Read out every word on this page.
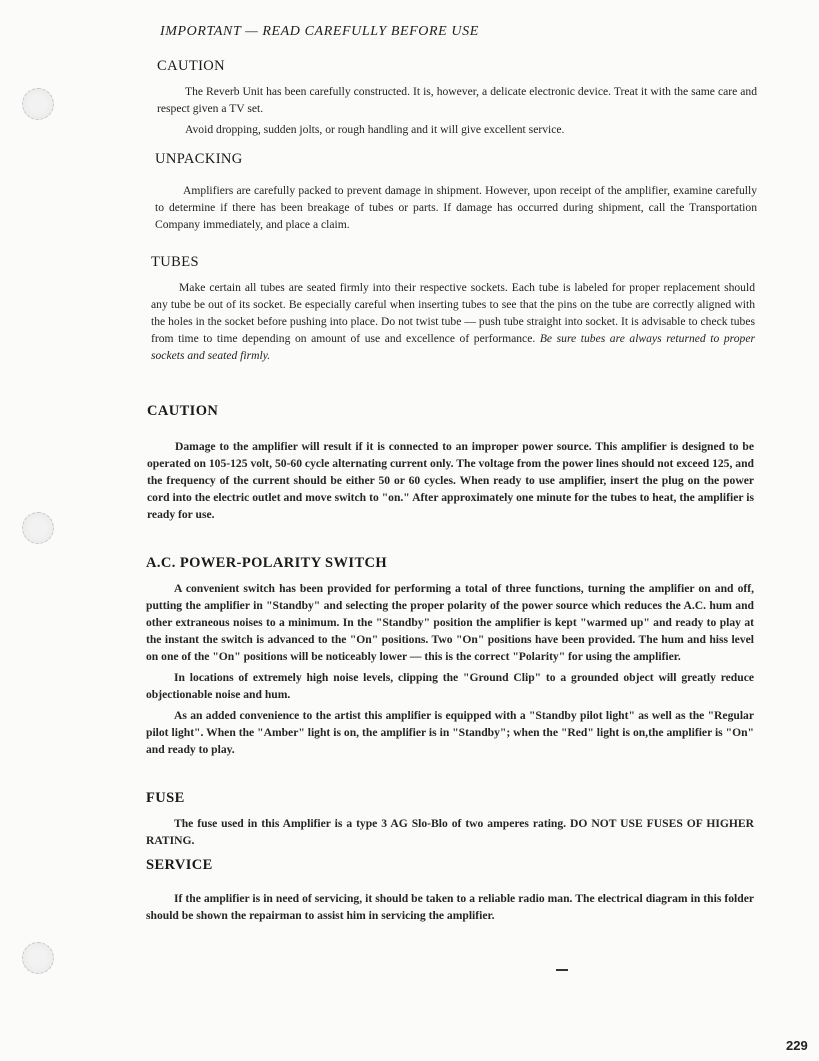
IMPORTANT — READ CAREFULLY BEFORE USE
CAUTION

The Reverb Unit has been carefully constructed. It is, however, a delicate electronic device. Treat it with the same care and respect given a TV set.

Avoid dropping, sudden jolts, or rough handling and it will give excellent service.

UNPACKING

Amplifiers are carefully packed to prevent damage in shipment. However, upon receipt of the amplifier, examine carefully to determine if there has been breakage of tubes or parts. If damage has occurred during shipment, call the Transportation Company immediately, and place a claim.

TUBES

Make certain all tubes are seated firmly into their respective sockets. Each tube is labeled for proper replacement should any tube be out of its socket. Be especially careful when inserting tubes to see that the pins on the tube are correctly aligned with the holes in the socket before pushing into place. Do not twist tube — push tube straight into socket. It is advisable to check tubes from time to time depending on amount of use and excellence of performance. Be sure tubes are always returned to proper sockets and seated firmly.

CAUTION

Damage to the amplifier will result if it is connected to an improper power source. This amplifier is designed to be operated on 105-125 volt, 50-60 cycle alternating current only. The voltage from the power lines should not exceed 125, and the frequency of the current should be either 50 or 60 cycles. When ready to use amplifier, insert the plug on the power cord into the electric outlet and move switch to "on." After approximately one minute for the tubes to heat, the amplifier is ready for use.

A.C. POWER-POLARITY SWITCH

A convenient switch has been provided for performing a total of three functions, turning the amplifier on and off, putting the amplifier in "Standby" and selecting the proper polarity of the power source which reduces the A.C. hum and other extraneous noises to a minimum. In the "Standby" position the amplifier is kept "warmed up" and ready to play at the instant the switch is advanced to the "On" positions. Two "On" positions have been provided. The hum and hiss level on one of the "On" positions will be noticeably lower — this is the correct "Polarity" for using the amplifier.

In locations of extremely high noise levels, clipping the "Ground Clip" to a grounded object will greatly reduce objectionable noise and hum.

As an added convenience to the artist this amplifier is equipped with a "Standby pilot light" as well as the "Regular pilot light". When the "Amber" light is on, the amplifier is in "Standby"; when the "Red" light is on,the amplifier is "On" and ready to play.

FUSE

The fuse used in this Amplifier is a type 3 AG Slo-Blo of two amperes rating. DO NOT USE FUSES OF HIGHER RATING.

SERVICE

If the amplifier is in need of servicing, it should be taken to a reliable radio man. The electrical diagram in this folder should be shown the repairman to assist him in servicing the amplifier.

229
